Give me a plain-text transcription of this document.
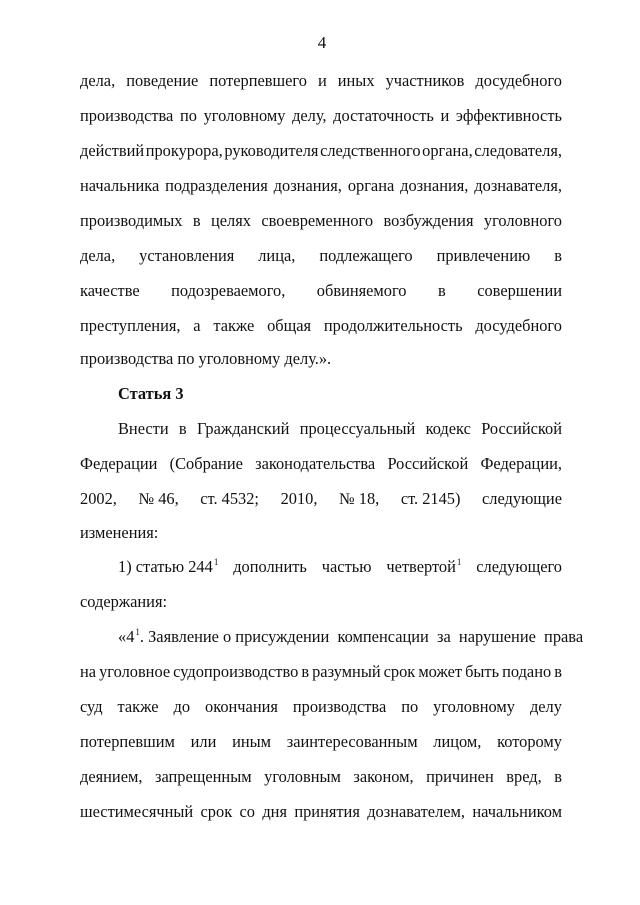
4
дела, поведение потерпевшего и иных участников досудебного
производства по уголовному делу, достаточность и эффективность
действий прокурора, руководителя следственного органа, следователя,
начальника подразделения дознания, органа дознания, дознавателя,
производимых в целях своевременного возбуждения уголовного
дела, установления лица, подлежащего привлечению в
качестве подозреваемого, обвиняемого в совершении
преступления, а также общая продолжительность досудебного
производства по уголовному делу.».
Статья 3
Внести в Гражданский процессуальный кодекс Российской
Федерации (Собрание законодательства Российской Федерации,
2002, № 46, ст. 4532; 2010, № 18, ст. 2145) следующие
изменения:
1) статью $244^1$ дополнить частью четвертой$^1$ следующего
содержания:
«$4^1$. Заявление о присуждении  компенсации  за  нарушение  права
на уголовное судопроизводство в разумный срок может быть подано в
суд также до окончания производства по уголовному делу
потерпевшим или иным заинтересованным лицом, которому
деянием, запрещенным уголовным законом, причинен вред, в
шестимесячный срок со дня принятия дознавателем, начальником
